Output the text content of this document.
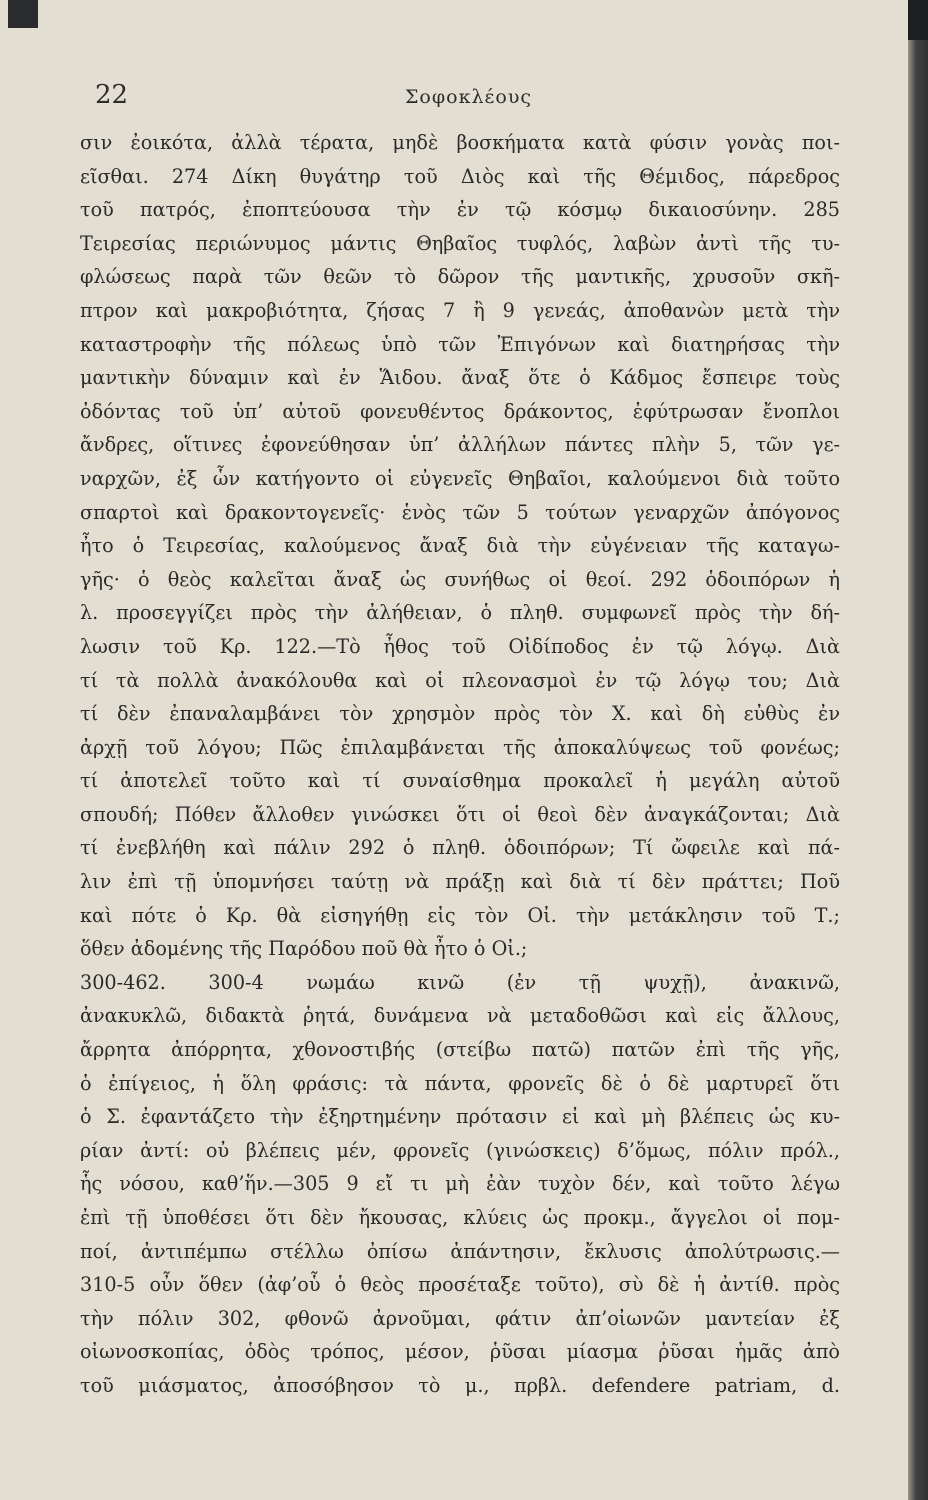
22	Σοφοκλέους
σιν ἐοικότα, ἀλλὰ τέρατα, μηδὲ βοσκήματα κατὰ φύσιν γονὰς ποι-
εῖσθαι. 274 Δίκη θυγάτηρ τοῦ Διὸς καὶ τῆς Θέμιδος, πάρεδρος
τοῦ πατρός, ἐποπτεύουσα τὴν ἐν τῷ κόσμῳ δικαιοσύνην. 285
Τειρεσίας περιώνυμος μάντις Θηβαῖος τυφλός, λαβὼν ἀντὶ τῆς τυ-
φλώσεως παρὰ τῶν θεῶν τὸ δῶρον τῆς μαντικῆς, χρυσοῦν σκῆ-
πτρον καὶ μακροβιότητα, ζήσας 7 ἢ 9 γενεάς, ἀποθανὼν μετὰ τὴν
καταστροφὴν τῆς πόλεως ὑπὸ τῶν Ἐπιγόνων καὶ διατηρήσας τὴν
μαντικὴν δύναμιν καὶ ἐν Ἅιδου. ἄναξ ὅτε ὁ Κάδμος ἔσπειρε τοὺς
ὀδόντας τοῦ ὑπ’ αὐτοῦ φονευθέντος δράκοντος, ἐφύτρωσαν ἔνοπλοι
ἄνδρες, οἵτινες ἐφονεύθησαν ὑπ’ ἀλλήλων πάντες πλὴν 5, τῶν γε-
ναρχῶν, ἐξ ὧν κατήγοντο οἱ εὐγενεῖς Θηβαῖοι, καλούμενοι διὰ τοῦτο
σπαρτοὶ καὶ δρακοντογενεῖς· ἑνὸς τῶν 5 τούτων γεναρχῶν ἀπόγονος
ἦτο ὁ Τειρεσίας, καλούμενος ἄναξ διὰ τὴν εὐγένειαν τῆς καταγω-
γῆς· ὁ θεὸς καλεῖται ἄναξ ὡς συνήθως οἱ θεοί. 292 ὁδοιπόρων ἡ
λ. προσεγγίζει πρὸς τὴν ἀλήθειαν, ὁ πληθ. συμφωνεῖ πρὸς τὴν δή-
λωσιν τοῦ Κρ. 122.—Τὸ ἦθος τοῦ Οἰδίποδος ἐν τῷ λόγῳ. Διὰ
τί τὰ πολλὰ ἀνακόλουθα καὶ οἱ πλεονασμοὶ ἐν τῷ λόγῳ του; Διὰ
τί δὲν ἐπαναλαμβάνει τὸν χρησμὸν πρὸς τὸν Χ. καὶ δὴ εὐθὺς ἐν
ἀρχῇ τοῦ λόγου; Πῶς ἐπιλαμβάνεται τῆς ἀποκαλύψεως τοῦ φονέως;
τί ἀποτελεῖ τοῦτο καὶ τί συναίσθημα προκαλεῖ ἡ μεγάλη αὐτοῦ
σπουδή; Πόθεν ἄλλοθεν γινώσκει ὅτι οἱ θεοὶ δὲν ἀναγκάζονται; Διὰ
τί ἐνεβλήθη καὶ πάλιν 292 ὁ πληθ. ὁδοιπόρων; Τί ὤφειλε καὶ πά-
λιν ἐπὶ τῇ ὑπομνήσει ταύτῃ νὰ πράξῃ καὶ διὰ τί δὲν πράττει; Ποῦ
καὶ πότε ὁ Κρ. θὰ εἰσηγήθῃ εἰς τὸν Οἰ. τὴν μετάκλησιν τοῦ Τ.;
ὅθεν ἀδομένης τῆς Παρόδου ποῦ θὰ ἦτο ὁ Οἰ.;
300-462. 300-4 νωμάω κινῶ (ἐν τῇ ψυχῇ), ἀνακινῶ,
ἀνακυκλῶ, διδακτὰ ῥητά, δυνάμενα νὰ μεταδοθῶσι καὶ εἰς ἄλλους,
ἄρρητα ἀπόρρητα, χθονοστιβής (στείβω πατῶ) πατῶν ἐπὶ τῆς γῆς,
ὁ ἐπίγειος, ἡ ὅλη φράσις: τὰ πάντα, φρονεῖς δὲ ὁ δὲ μαρτυρεῖ ὅτι
ὁ Σ. ἐφαντάζετο τὴν ἐξηρτημένην πρότασιν εἰ καὶ μὴ βλέπεις ὡς κυ-
ρίαν ἀντί: οὐ βλέπεις μέν, φρονεῖς (γινώσκεις) δ’ὅμως, πόλιν πρόλ.,
ἧς νόσου, καθ’ἥν.—305 9 εἴ τι μὴ ἐὰν τυχὸν δέν, καὶ τοῦτο λέγω
ἐπὶ τῇ ὑποθέσει ὅτι δὲν ἤκουσας, κλύεις ὡς προκμ., ἄγγελοι οἱ πομ-
ποί, ἀντιπέμπω στέλλω ὀπίσω ἀπάντησιν, ἔκλυσις ἀπολύτρωσις.—
310-5 οὖν ὅθεν (ἀφ’οὗ ὁ θεὸς προσέταξε τοῦτο), σὺ δὲ ἡ ἀντίθ. πρὸς
τὴν πόλιν 302, φθονῶ ἀρνοῦμαι, φάτιν ἀπ’οἰωνῶν μαντείαν ἐξ
οἰωνοσκοπίας, ὁδὸς τρόπος, μέσον, ῥῦσαι μίασμα ῥῦσαι ἡμᾶς ἀπὸ
τοῦ μιάσματος, ἀποσόβησον τὸ μ., πρβλ. defendere patriam, d.
